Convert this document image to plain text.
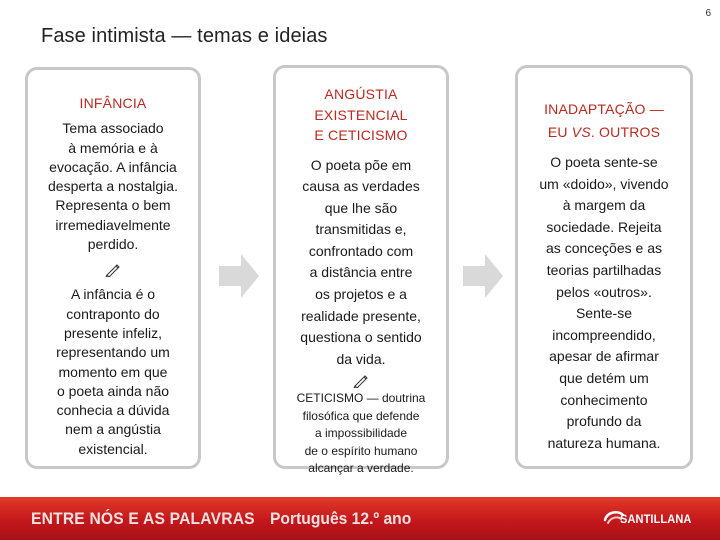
6
Fase intimista — temas e ideias
INFÂNCIA
Tema associado
à memória e à
evocação. A infância
desperta a nostalgia.
Representa o bem
irremediavelmente
perdido.
A infância é o
contraponto do
presente infeliz,
representando um
momento em que
o poeta ainda não
conhecia a dúvida
nem a angústia
existencial.
ANGÚSTIA
EXISTENCIAL
E CETICISMO
O poeta põe em
causa as verdades
que lhe são
transmitidas e,
confrontado com
a distância entre
os projetos e a
realidade presente,
questiona o sentido
da vida.
CETICISMO — doutrina
filosófica que defende
a impossibilidade
de o espírito humano
alcançar a verdade.
INADAPTAÇÃO —
EU VS. OUTROS
O poeta sente-se
um «doido», vivendo
à margem da
sociedade. Rejeita
as conceções e as
teorias partilhadas
pelos «outros».
Sente-se
incompreendido,
apesar de afirmar
que detém um
conhecimento
profundo da
natureza humana.
ENTRE NÓS E AS PALAVRAS Português 12.º ano	SANTILLANA
